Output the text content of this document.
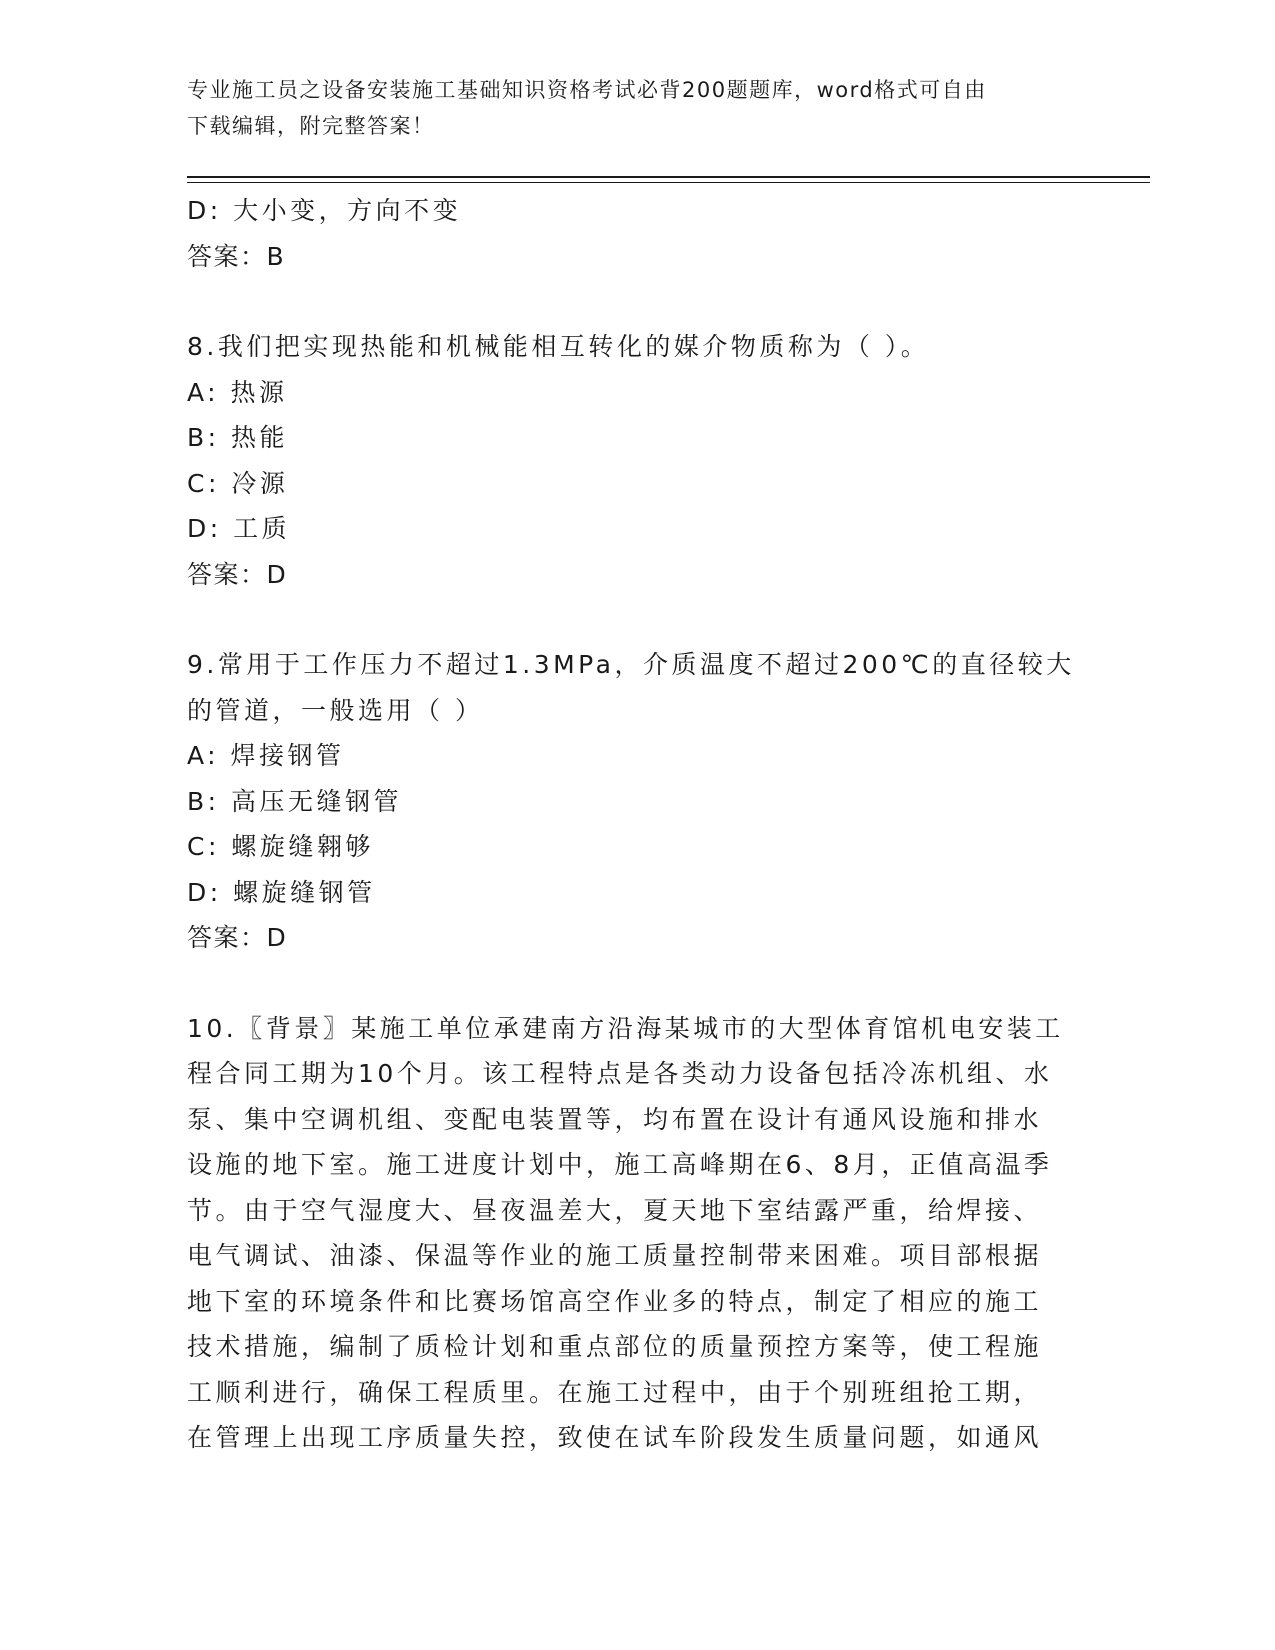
专业施工员之设备安装施工基础知识资格考试必背200题题库，word格式可自由
下载编辑，附完整答案！
D: 大小变，方向不变
答案：B
8.我们把实现热能和机械能相互转化的媒介物质称为（ ）。
A: 热源
B: 热能
C: 冷源
D: 工质
答案：D
9.常用于工作压力不超过1.3MPa，介质温度不超过200℃的直径较大
的管道，一般选用（ ）
A: 焊接钢管
B: 高压无缝钢管
C: 螺旋缝翱够
D: 螺旋缝钢管
答案：D
10.〖背景〗某施工单位承建南方沿海某城市的大型体育馆机电安装工
程合同工期为10个月。该工程特点是各类动力设备包括冷冻机组、水
泵、集中空调机组、变配电装置等，均布置在设计有通风设施和排水
设施的地下室。施工进度计划中，施工高峰期在6、8月，正值高温季
节。由于空气湿度大、昼夜温差大，夏天地下室结露严重，给焊接、
电气调试、油漆、保温等作业的施工质量控制带来困难。项目部根据
地下室的环境条件和比赛场馆高空作业多的特点，制定了相应的施工
技术措施，编制了质检计划和重点部位的质量预控方案等，使工程施
工顺利进行，确保工程质里。在施工过程中，由于个别班组抢工期，
在管理上出现工序质量失控，致使在试车阶段发生质量问题，如通风
